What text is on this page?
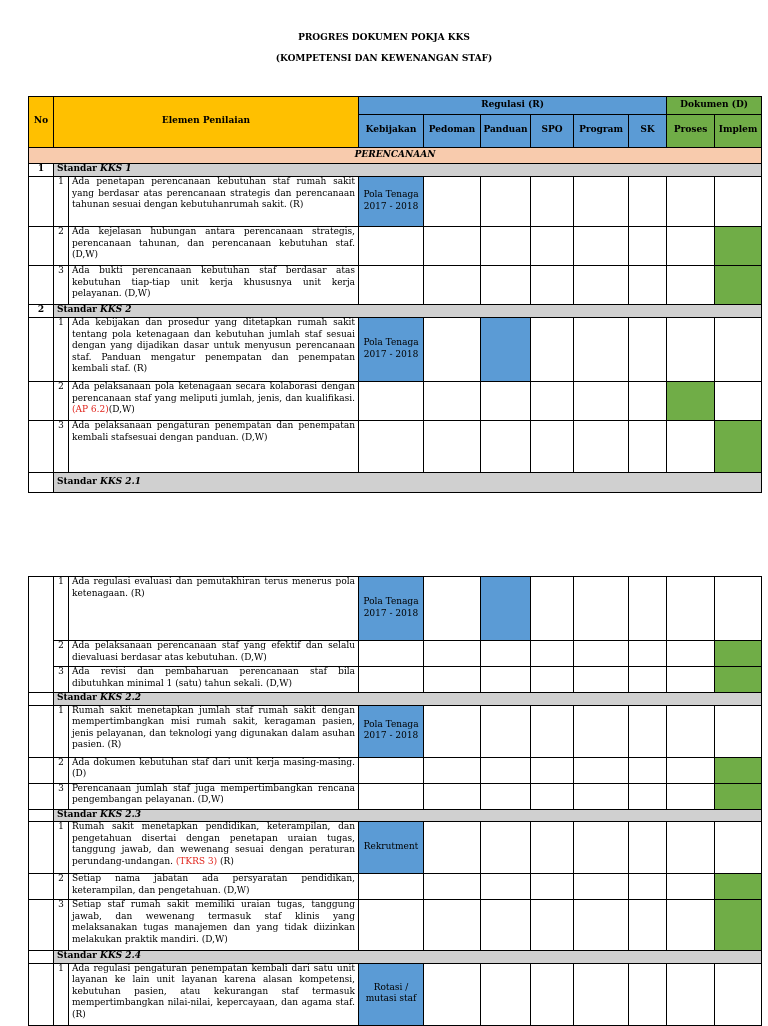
PROGRES DOKUMEN POKJA KKS
(KOMPETENSI DAN KEWENANGAN STAF)
No	Elemen Penilaian		Regulasi (R)						Dokumen (D)	
			Kebijakan	Pedoman	Panduan	SPO	Program	SK	Proses	Implem
PERENCANAAN										
1	Standar KKS 1									
	1	Ada penetapan perencanaan kebutuhan staf rumah sakit yang berdasar atas perencanaan strategis dan perencanaan tahunan sesuai dengan kebutuhanrumah sakit. (R)	Pola Tenaga 2017 - 2018							
	2	Ada kejelasan hubungan antara perencanaan strategis, perencanaan tahunan, dan perencanaan kebutuhan staf. (D,W)								
	3	Ada bukti perencanaan kebutuhan staf berdasar atas kebutuhan tiap-tiap unit kerja khususnya unit kerja pelayanan. (D,W)								
2	Standar KKS 2									
	1	Ada kebijakan dan prosedur yang ditetapkan rumah sakit tentang pola ketenagaan dan kebutuhan jumlah staf sesuai dengan yang dijadikan dasar untuk menyusun perencanaan staf. Panduan mengatur penempatan dan penempatan kembali staf. (R)	Pola Tenaga 2017 - 2018							
	2	Ada pelaksanaan pola ketenagaan secara kolaborasi dengan perencanaan staf yang meliputi jumlah, jenis, dan kualifikasi.(AP 6.2)(D,W)								
	3	Ada pelaksanaan pengaturan penempatan dan penempatan kembali stafsesuai dengan panduan. (D,W)								
	Standar KKS 2.1									
	1	Ada regulasi evaluasi dan pemutakhiran terus menerus pola ketenagaan. (R)	Pola Tenaga 2017 - 2018							
	2	Ada pelaksanaan perencanaan staf yang efektif dan selalu dievaluasi berdasar atas kebutuhan. (D,W)								
	3	Ada revisi dan pembaharuan perencanaan staf bila dibutuhkan minimal 1 (satu) tahun sekali. (D,W)								
	Standar KKS 2.2									
	1	Rumah sakit menetapkan jumlah staf rumah sakit dengan mempertimbangkan misi rumah sakit, keragaman pasien, jenis pelayanan, dan teknologi yang digunakan dalam asuhan pasien. (R)	Pola Tenaga 2017 - 2018							
	2	Ada dokumen kebutuhan staf dari unit kerja masing-masing. (D)								
	3	Perencanaan jumlah staf juga mempertimbangkan rencana pengembangan pelayanan. (D,W)								
	Standar KKS 2.3									
	1	Rumah sakit menetapkan pendidikan, keterampilan, dan pengetahuan disertai dengan penetapan uraian tugas, tanggung jawab, dan wewenang sesuai dengan peraturan perundang-undangan. (TKRS 3) (R)	Rekrutment							
	2	Setiap nama jabatan ada persyaratan pendidikan, keterampilan, dan pengetahuan. (D,W)								
	3	Setiap staf rumah sakit memiliki uraian tugas, tanggung jawab, dan wewenang termasuk staf klinis yang melaksanakan tugas manajemen dan yang tidak diizinkan melakukan praktik mandiri. (D,W)								
	Standar KKS 2.4									
	1	Ada regulasi pengaturan penempatan kembali dari satu unit layanan ke lain unit layanan karena alasan kompetensi, kebutuhan pasien, atau kekurangan staf termasuk mempertimbangkan nilai-nilai, kepercayaan, dan agama staf. (R)	Rotasi / mutasi staf							
